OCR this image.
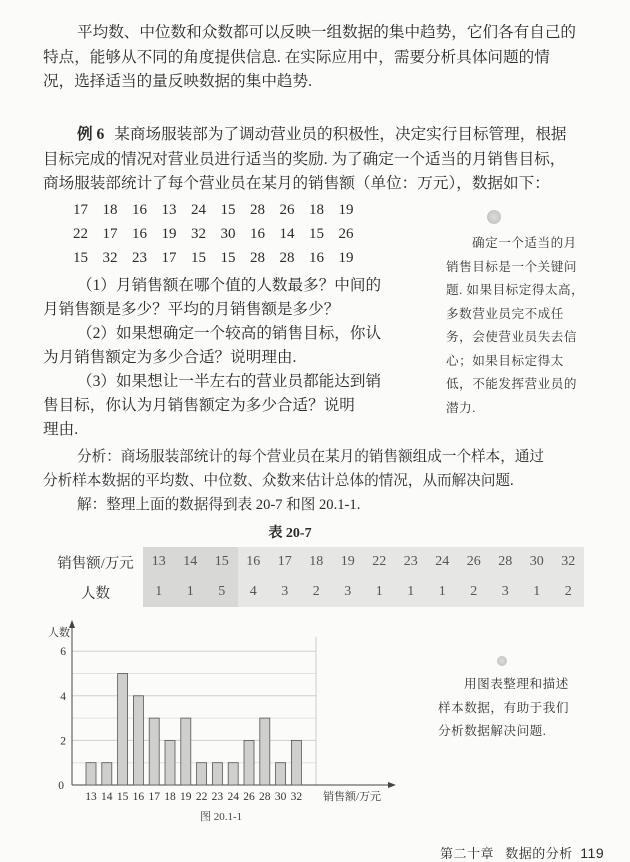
平均数、中位数和众数都可以反映一组数据的集中趋势，它们各有自己的

特点，能够从不同的角度提供信息. 在实际应用中，需要分析具体问题的情

况，选择适当的量反映数据的集中趋势.

例 6 某商场服装部为了调动营业员的积极性，决定实行目标管理，根据

目标完成的情况对营业员进行适当的奖励. 为了确定一个适当的月销售目标，

商场服装部统计了每个营业员在某月的销售额（单位：万元），数据如下：

17 18 16 13 24 15 28 26 18 19
22 17 16 19 32 30 16 14 15 26
15 32 23 17 15 15 28 28 16 19

（1）月销售额在哪个值的人数最多？中间的

月销售额是多少？平均的月销售额是多少？

（2）如果想确定一个较高的销售目标，你认

为月销售额定为多少合适？说明理由.

（3）如果想让一半左右的营业员都能达到销

售目标，你认为月销售额定为多少合适？说明

理由.

确定一个适当的月
销售目标是一个关键问
题. 如果目标定得太高，
多数营业员完不成任
务，会使营业员失去信
心；如果目标定得太
低，不能发挥营业员的
潜力.

分析：商场服装部统计的每个营业员在某月的销售额组成一个样本，通过

分析样本数据的平均数、中位数、众数来估计总体的情况，从而解决问题.

解：整理上面的数据得到表 20-7 和图 20.1-1.

表 20-7
销售额/万元	13	14	15	16	17	18	19	22	23	24	26	28	30	32
人数	1	1	5	4	3	2	3	1	1	1	2	3	1	2
13 14 15 16 17 18 19 22 23 24 26 28 30 32
2
4
6
0
人数
销售额/万元
图 20.1-1
用图表整理和描述
样本数据，有助于我们
分析数据解决问题.
第二十章 数据的分析 119
